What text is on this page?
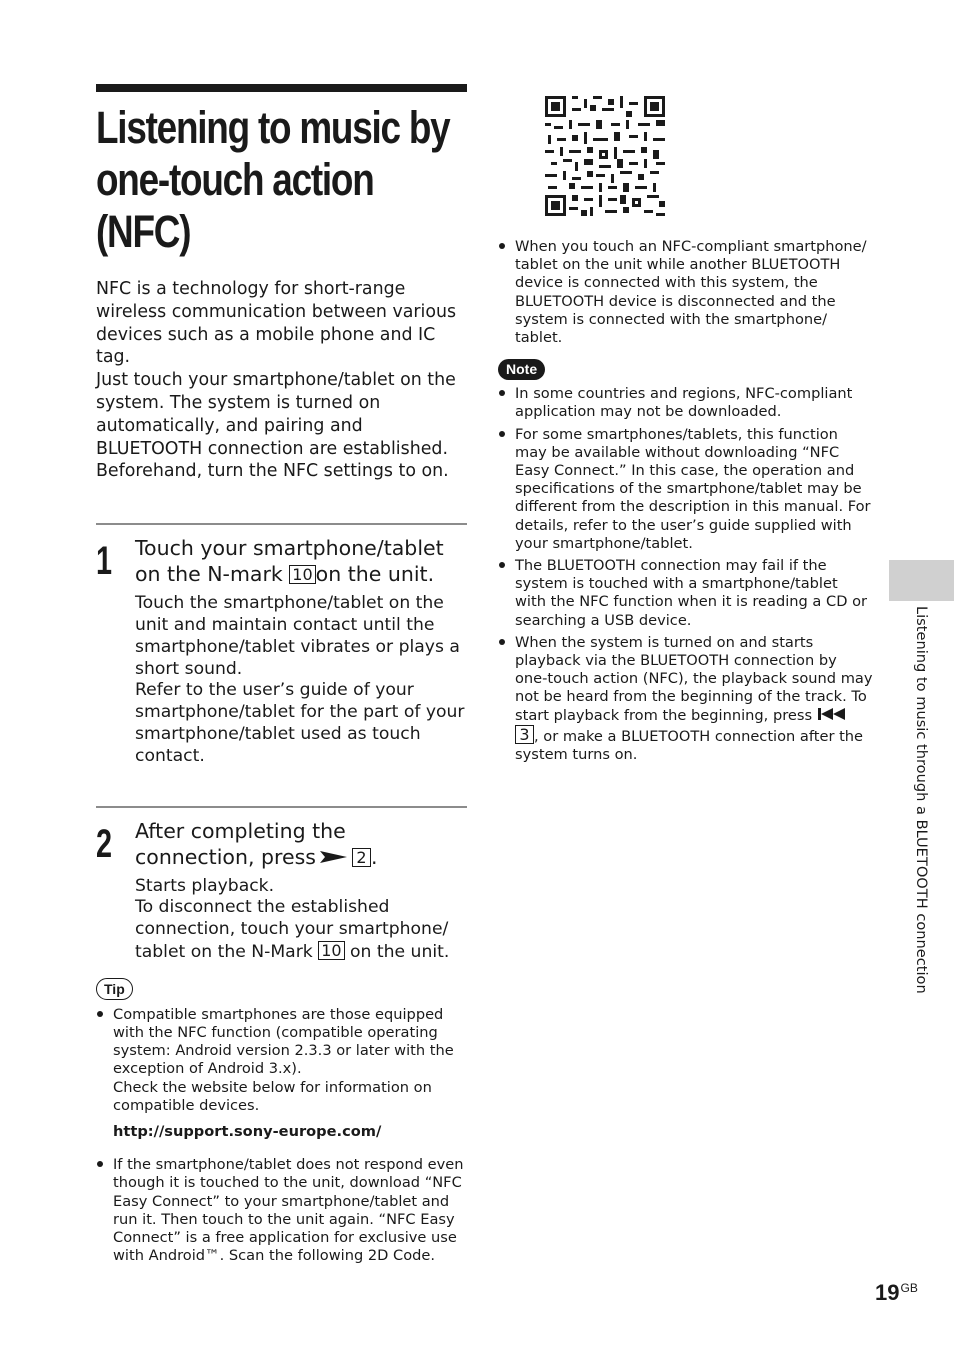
Listening to music by one-touch action (NFC)

NFC is a technology for short-range wireless communication between various devices such as a mobile phone and IC tag.

Just touch your smartphone/tablet on the system. The system is turned on automatically, and pairing and BLUETOOTH connection are established.

Beforehand, turn the NFC settings to on.

1 Touch your smartphone/tablet on the N-mark 10 on the unit.

Touch the smartphone/tablet on the unit and maintain contact until the smartphone/tablet vibrates or plays a short sound.

Refer to the user’s guide of your smartphone/tablet for the part of your smartphone/tablet used as touch contact.

2 After completing the connection, press	2 .

Starts playback.

To disconnect the established connection, touch your smartphone/ tablet on the N-Mark 10 on the unit.

Tip
Compatible smartphones are those equipped with the NFC function (compatible operating system: Android version 2.3.3 or later with the exception of Android 3.x).
Check the website below for information on compatible devices.

http://support.sony-europe.com/

If the smartphone/tablet does not respond even though it is touched to the unit, download “NFC Easy Connect” to your smartphone/tablet and run it. Then touch to the unit again. “NFC Easy Connect” is a free application for exclusive use with Android™. Scan the following 2D Code.
When you touch an NFC-compliant smartphone/ tablet on the unit while another BLUETOOTH device is connected with this system, the BLUETOOTH device is disconnected and the system is connected with the smartphone/ tablet.
Note
In some countries and regions, NFC-compliant application may not be downloaded.
For some smartphones/tablets, this function may be available without downloading “NFC Easy Connect.” In this case, the operation and specifications of the smartphone/tablet may be different from the description in this manual. For details, refer to the user’s guide supplied with your smartphone/tablet.
The BLUETOOTH connection may fail if the system is touched with a smartphone/tablet with the NFC function when it is reading a CD or searching a USB device.
When the system is turned on and starts playback via the BLUETOOTH connection by one-touch action (NFC), the playback sound may not be heard from the beginning of the track. To start playback from the beginning, press
3 , or make a BLUETOOTH connection after the system turns on.	Listening to music through a BLUETOOTH connection
$19^{GB}$
